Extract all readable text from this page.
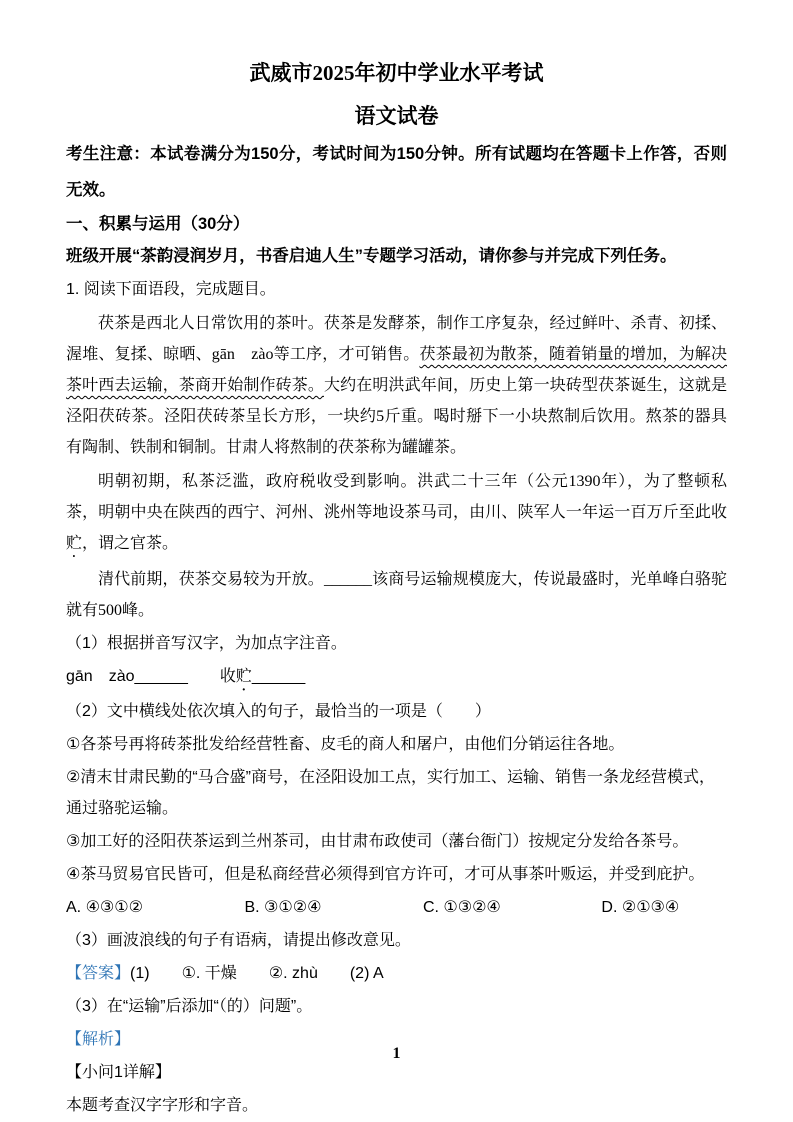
武威市2025年初中学业水平考试
语文试卷

考生注意：本试卷满分为150分，考试时间为150分钟。所有试题均在答题卡上作答，否则无效。

一、积累与运用（30分）

班级开展“茶韵浸润岁月，书香启迪人生”专题学习活动，请你参与并完成下列任务。

1. 阅读下面语段，完成题目。

茯茶是西北人日常饮用的茶叶。茯茶是发酵茶，制作工序复杂，经过鲜叶、杀青、初揉、渥堆、复揉、晾晒、gān　zào等工序，才可销售。茯茶最初为散茶，随着销量的增加，为解决茶叶西去运输，茶商开始制作砖茶。大约在明洪武年间，历史上第一块砖型茯茶诞生，这就是泾阳茯砖茶。泾阳茯砖茶呈长方形，一块约5斤重。喝时掰下一小块熬制后饮用。熬茶的器具有陶制、铁制和铜制。甘肃人将熬制的茯茶称为罐罐茶。

明朝初期，私茶泛滥，政府税收受到影响。洪武二十三年（公元1390年），为了整顿私茶，明朝中央在陕西的西宁、河州、洮州等地设茶马司，由川、陕军人一年运一百万斤至此收贮，谓之官茶。

清代前期，茯茶交易较为开放。______该商号运输规模庞大，传说最盛时，光单峰白骆驼就有500峰。

（1）根据拼音写汉字，为加点字注音。

gān　zào______　　收贮______

（2）文中横线处依次填入的句子，最恰当的一项是（　　）

①各茶号再将砖茶批发给经营牲畜、皮毛的商人和屠户，由他们分销运往各地。

②清末甘肃民勤的“马合盛”商号，在泾阳设加工点，实行加工、运输、销售一条龙经营模式，通过骆驼运输。

③加工好的泾阳茯茶运到兰州茶司，由甘肃布政使司（藩台衙门）按规定分发给各茶号。

④茶马贸易官民皆可，但是私商经营必须得到官方许可，才可从事茶叶贩运，并受到庇护。

A. ④③①②	B. ③①②④	C. ①③②④	D. ②①③④

（3）画波浪线的句子有语病，请提出修改意见。

【答案】(1)　　①. 干燥　　②. zhù　　(2) A

（3）在“运输”后添加“（的）问题”。

【解析】

【小问1详解】

本题考查汉字字形和字音。

1
